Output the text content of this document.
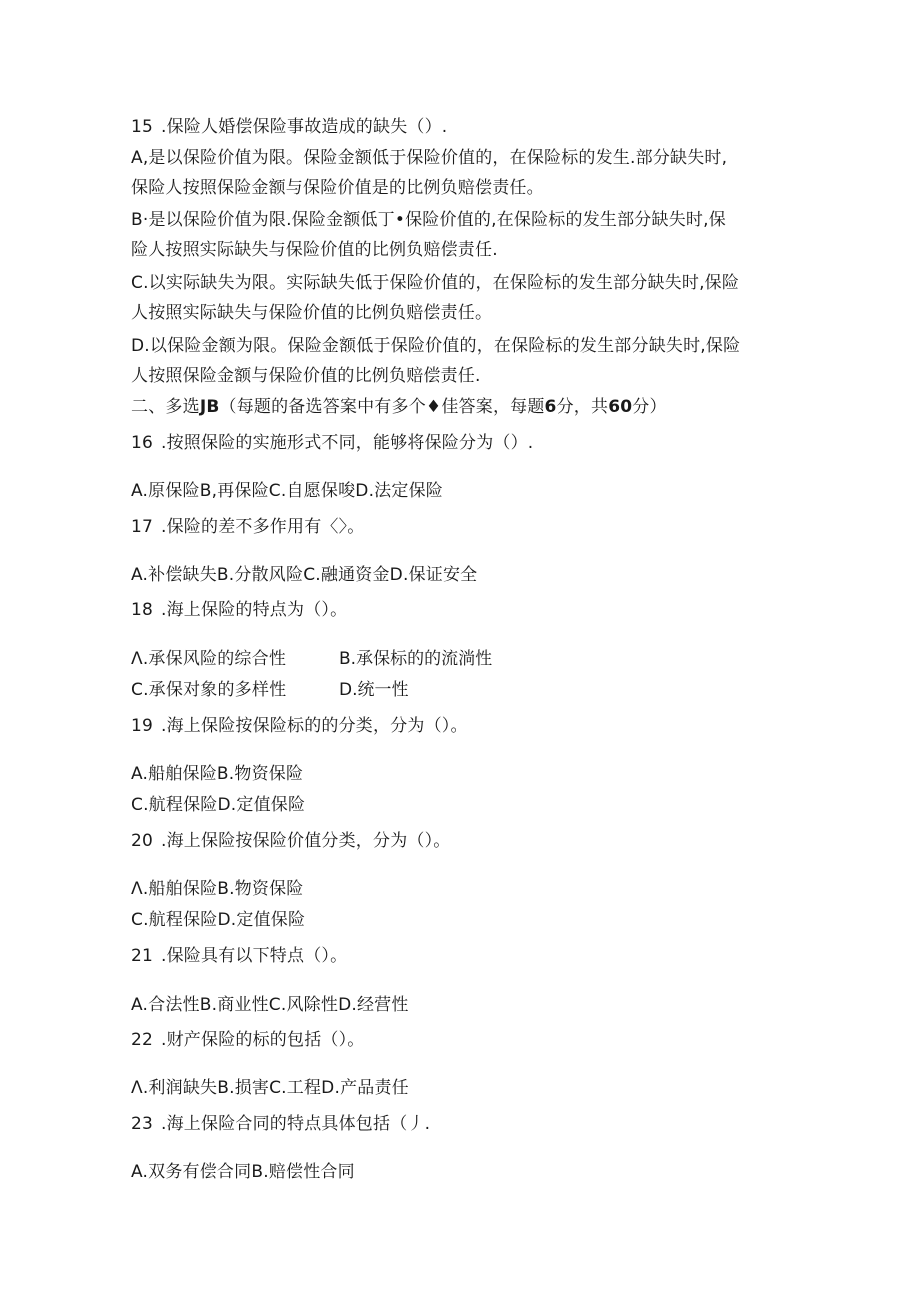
15 .保险人婚偿保险事故造成的缺失（）.
A,是以保险价值为限。保险金额低于保险价值的，在保险标的发生.部分缺失时,
保险人按照保险金额与保险价值是的比例负赔偿责任。
B·是以保险价值为限.保险金额低丁•保险价值的,在保险标的发生部分缺失时,保
险人按照实际缺失与保险价值的比例负赔偿责任.
C.以实际缺失为限。实际缺失低于保险价值的，在保险标的发生部分缺失时,保险
人按照实际缺失与保险价值的比例负赔偿责任。
D.以保险金额为限。保险金额低于保险价值的，在保险标的发生部分缺失时,保险
人按照保险金额与保险价值的比例负赔偿责任.
二、多选JB（每题的备选答案中有多个♦佳答案，每题6分，共60分）
16 .按照保险的实施形式不同，能够将保险分为（）.
A.原保险B,再保险C.自愿保唆D.法定保险
17 .保险的差不多作用有〈〉。
A.补偿缺失B.分散风险C.融通资金D.保证安全
18 .海上保险的特点为（）。
Λ.承保风险的综合性	B.承保标的的流淌性
C.承保对象的多样性	D.统一性
19 .海上保险按保险标的的分类，分为（）。
A.船舶保险B.物资保险
C.航程保险D.定值保险
20 .海上保险按保险价值分类，分为（）。
Λ.船舶保险B.物资保险
C.航程保险D.定值保险
21 .保险具有以下特点（）。
A.合法性B.商业性C.风除性D.经营性
22 .财产保险的标的包括（）。
Λ.利润缺失B.损害C.工程D.产品责任
23 .海上保险合同的特点具体包括（丿.
A.双务有偿合同B.赔偿性合同
